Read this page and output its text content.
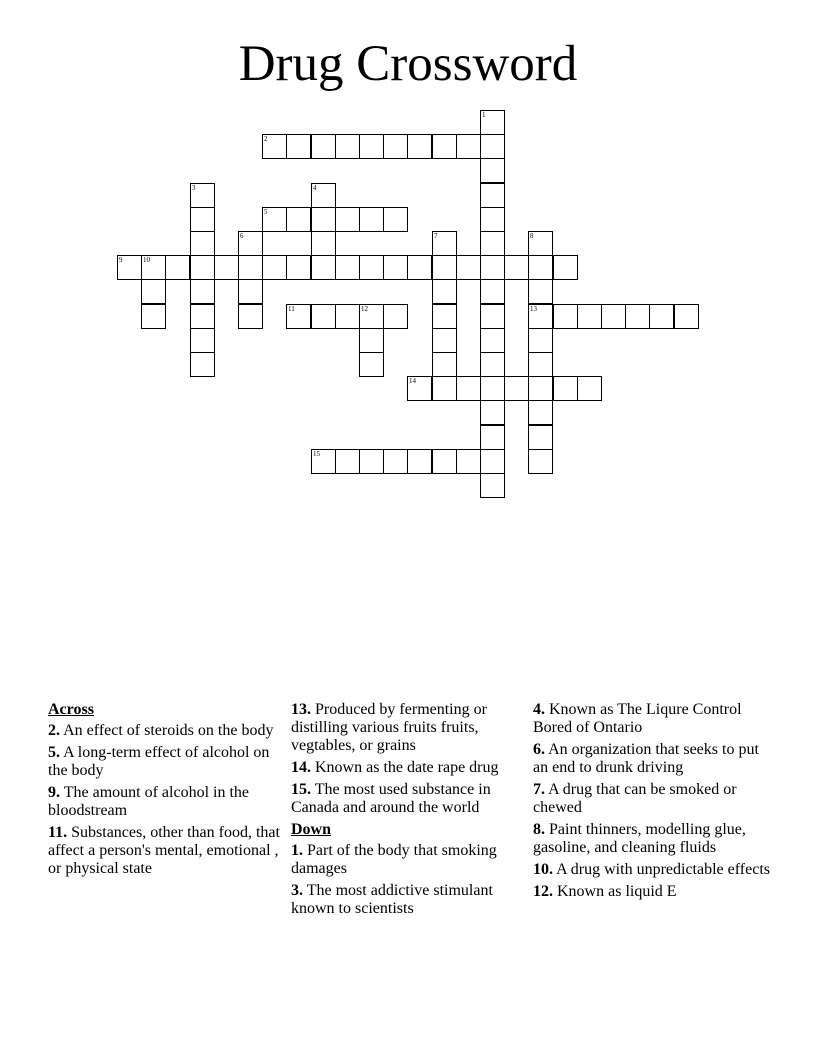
Drug Crossword
1
2
3	4
5
6	7	8
13
9	10
11	12
14
15
Across
2. An effect of steroids on the body
5. A long-term effect of alcohol on the body
9. The amount of alcohol in the bloodstream
11. Substances, other than food, that affect a person's mental, emotional , or physical state
13. Produced by fermenting or distilling various fruits fruits, vegtables, or grains
14. Known as the date rape drug
15. The most used substance in Canada and around the world
Down
1. Part of the body that smoking damages
3. The most addictive stimulant known to scientists
4. Known as The Liqure Control Bored of Ontario
6. An organization that seeks to put an end to drunk driving
7. A drug that can be smoked or chewed
8. Paint thinners, modelling glue, gasoline, and cleaning fluids
10. A drug with unpredictable effects
12. Known as liquid E
